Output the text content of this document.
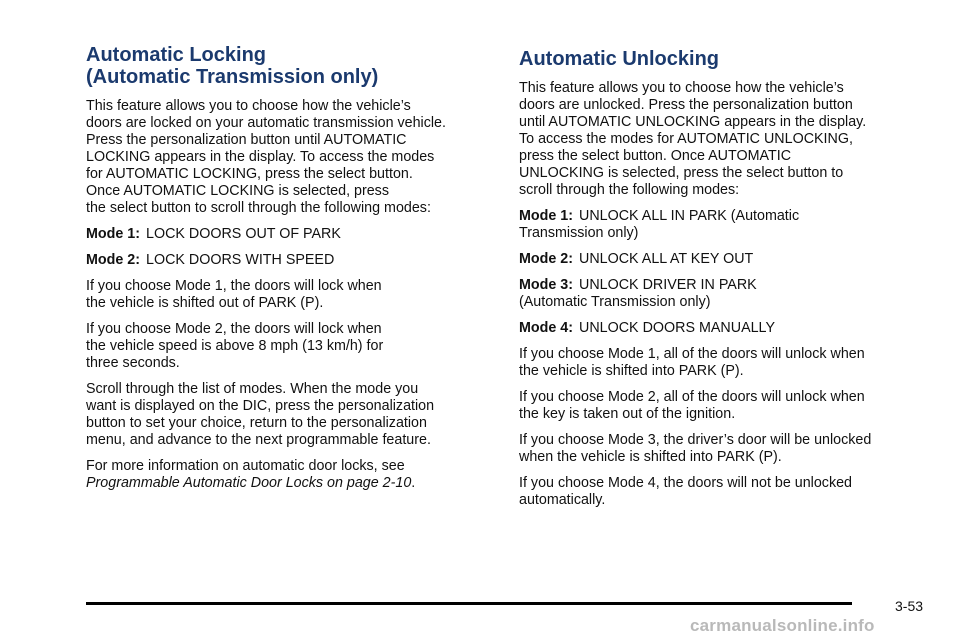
Automatic Locking
(Automatic Transmission only)

This feature allows you to choose how the vehicle’s
doors are locked on your automatic transmission vehicle.
Press the personalization button until AUTOMATIC
LOCKING appears in the display. To access the modes
for AUTOMATIC LOCKING, press the select button.
Once AUTOMATIC LOCKING is selected, press
the select button to scroll through the following modes:

Mode 1: LOCK DOORS OUT OF PARK

Mode 2: LOCK DOORS WITH SPEED

If you choose Mode 1, the doors will lock when
the vehicle is shifted out of PARK (P).

If you choose Mode 2, the doors will lock when
the vehicle speed is above 8 mph (13 km/h) for
three seconds.

Scroll through the list of modes. When the mode you
want is displayed on the DIC, press the personalization
button to set your choice, return to the personalization
menu, and advance to the next programmable feature.

For more information on automatic door locks, see
Programmable Automatic Door Locks on page 2-10.

Automatic Unlocking

This feature allows you to choose how the vehicle’s
doors are unlocked. Press the personalization button
until AUTOMATIC UNLOCKING appears in the display.
To access the modes for AUTOMATIC UNLOCKING,
press the select button. Once AUTOMATIC
UNLOCKING is selected, press the select button to
scroll through the following modes:

Mode 1: UNLOCK ALL IN PARK (Automatic
Transmission only)

Mode 2: UNLOCK ALL AT KEY OUT

Mode 3: UNLOCK DRIVER IN PARK
(Automatic Transmission only)

Mode 4: UNLOCK DOORS MANUALLY

If you choose Mode 1, all of the doors will unlock when
the vehicle is shifted into PARK (P).

If you choose Mode 2, all of the doors will unlock when
the key is taken out of the ignition.

If you choose Mode 3, the driver’s door will be unlocked
when the vehicle is shifted into PARK (P).

If you choose Mode 4, the doors will not be unlocked
automatically.

3-53
carmanualsonline.info
